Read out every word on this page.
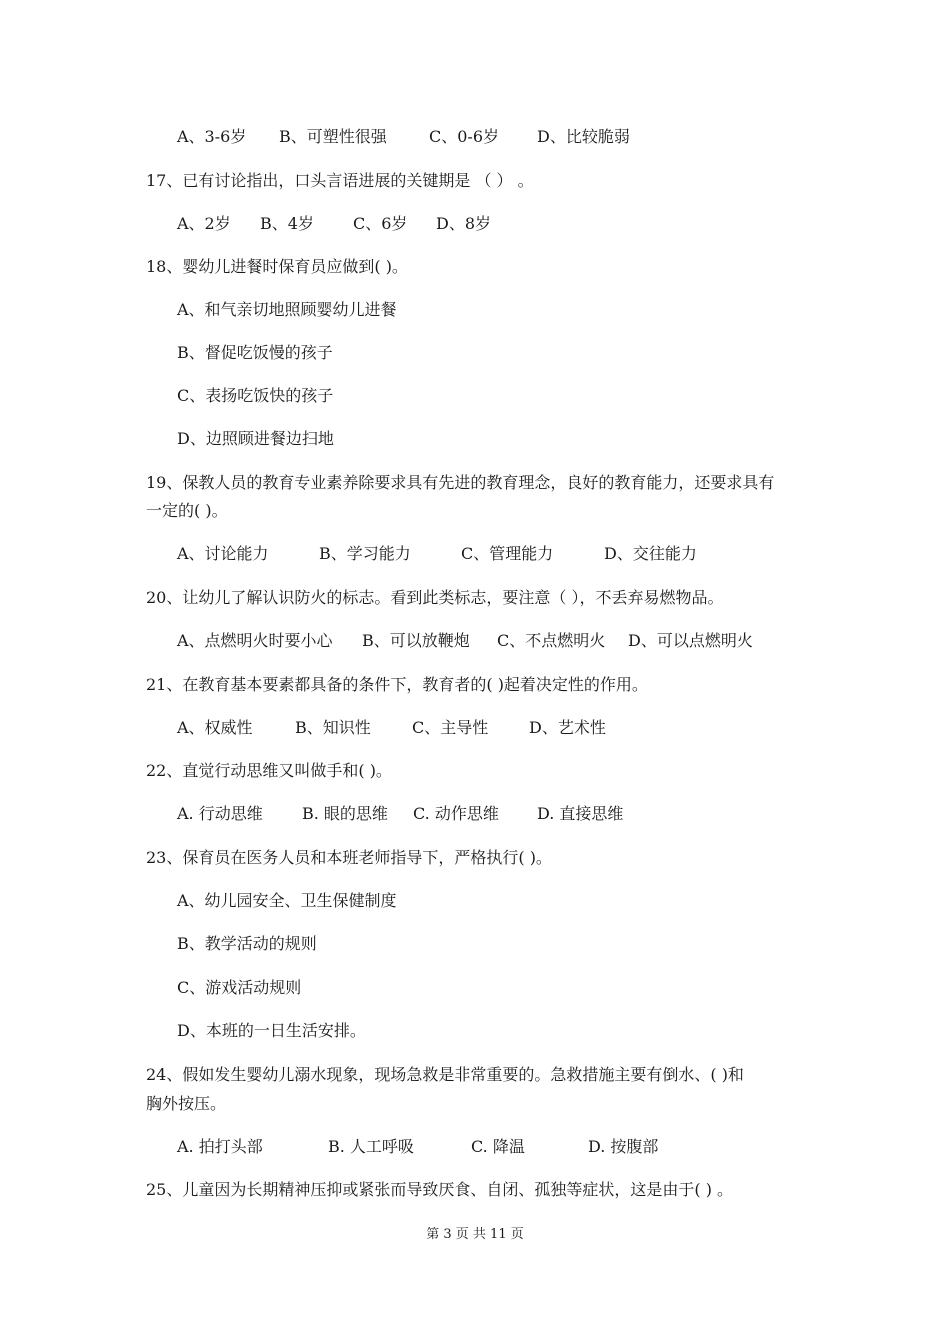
A、3-6岁 B、可塑性很强	C、0-6岁 D、比较脆弱
17、已有讨论指出，口头言语进展的关键期是 （ ） 。
A、2岁 B、4岁 C、6岁 D、8岁
18、婴幼儿进餐时保育员应做到( )。
A、和气亲切地照顾婴幼儿进餐
B、督促吃饭慢的孩子
C、表扬吃饭快的孩子
D、边照顾进餐边扫地
19、保教人员的教育专业素养除要求具有先进的教育理念，良好的教育能力，还要求具有
一定的( )。
A、讨论能力	B、学习能力	C、管理能力	D、交往能力
20、让幼儿了解认识防火的标志。看到此类标志，要注意（ ），不丢弃易燃物品。
A、点燃明火时要小心 B、可以放鞭炮 C、不点燃明火 D、可以点燃明火
21、在教育基本要素都具备的条件下，教育者的( )起着决定性的作用。
A、权威性	B、知识性	C、主导性	D、艺术性
22、直觉行动思维又叫做手和( )。
A. 行动思维 B. 眼的思维 C. 动作思维 D. 直接思维
23、保育员在医务人员和本班老师指导下，严格执行( )。
A、幼儿园安全、卫生保健制度
B、教学活动的规则
C、游戏活动规则
D、本班的一日生活安排。
24、假如发生婴幼儿溺水现象，现场急救是非常重要的。急救措施主要有倒水、( )和
胸外按压。
A. 拍打头部	B. 人工呼吸	C. 降温	D. 按腹部
25、儿童因为长期精神压抑或紧张而导致厌食、自闭、孤独等症状，这是由于( ) 。
第 3 页 共 11 页
